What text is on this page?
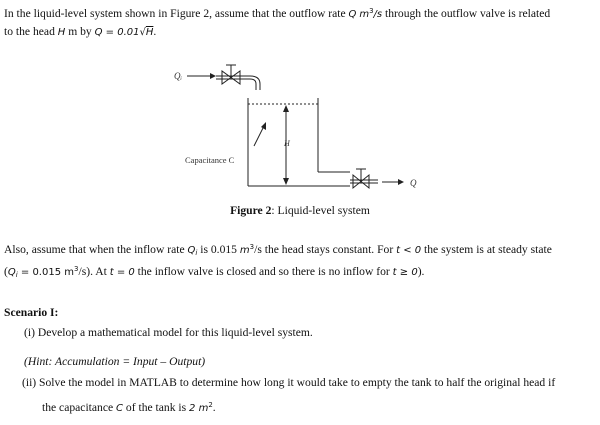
In the liquid-level system shown in Figure 2, assume that the outflow rate Q $m^3/s$ through the outflow valve is related
to the head H m by Q = 0.01√H.
Qᵢ
H
Capacitance C
Q
Figure 2: Liquid-level system
Also, assume that when the inflow rate $Q_i$ is 0.015 $m^3/s$ the head stays constant. For t < 0 the system is at steady state
($Q_i = 0.015$ $m^3/s$). At t = 0 the inflow valve is closed and so there is no inflow for t ≥ 0).
Scenario I:
(i) Develop a mathematical model for this liquid-level system.
(Hint: Accumulation = Input – Output)
(ii) Solve the model in MATLAB to determine how long it would take to empty the tank to half the original head if
the capacitance C of the tank is 2 $m^2$.
